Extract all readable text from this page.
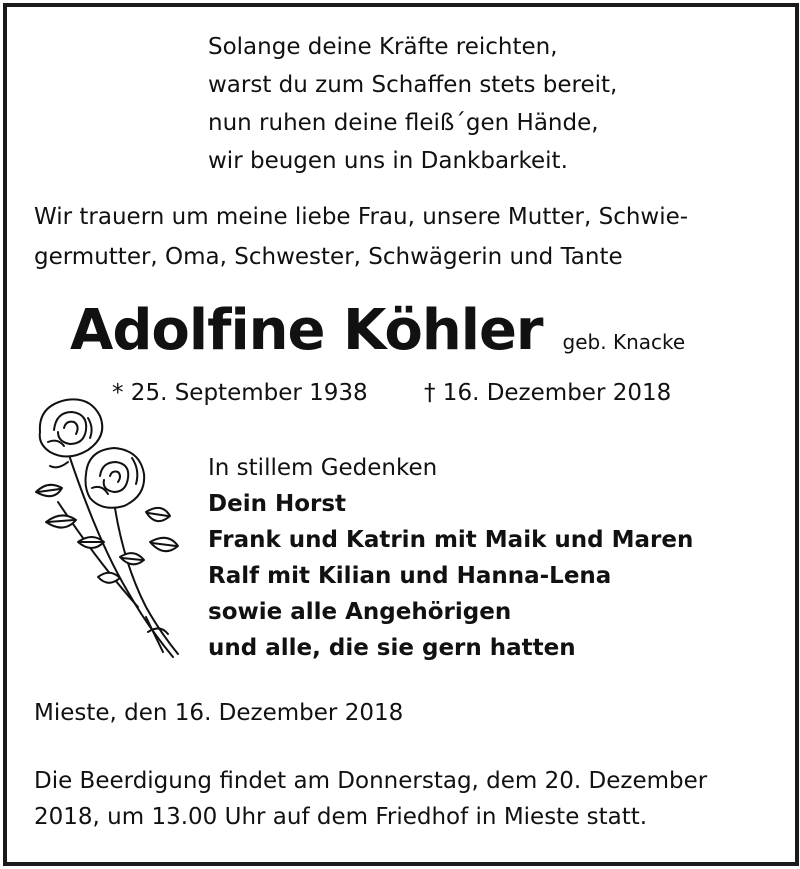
Solange deine Kräfte reichten,
warst du zum Schaffen stets bereit,
nun ruhen deine fleiß´gen Hände,
wir beugen uns in Dankbarkeit.
Wir trauern um meine liebe Frau, unsere Mutter, Schwie-
germutter, Oma, Schwester, Schwägerin und Tante
Adolfine Köhler geb. Knacke
* 25. September 1938 † 16. Dezember 2018
In stillem Gedenken
Dein Horst
Frank und Katrin mit Maik und Maren
Ralf mit Kilian und Hanna-Lena
sowie alle Angehörigen
und alle, die sie gern hatten
Mieste, den 16. Dezember 2018
Die Beerdigung findet am Donnerstag, dem 20. Dezember
2018, um 13.00 Uhr auf dem Friedhof in Mieste statt.
